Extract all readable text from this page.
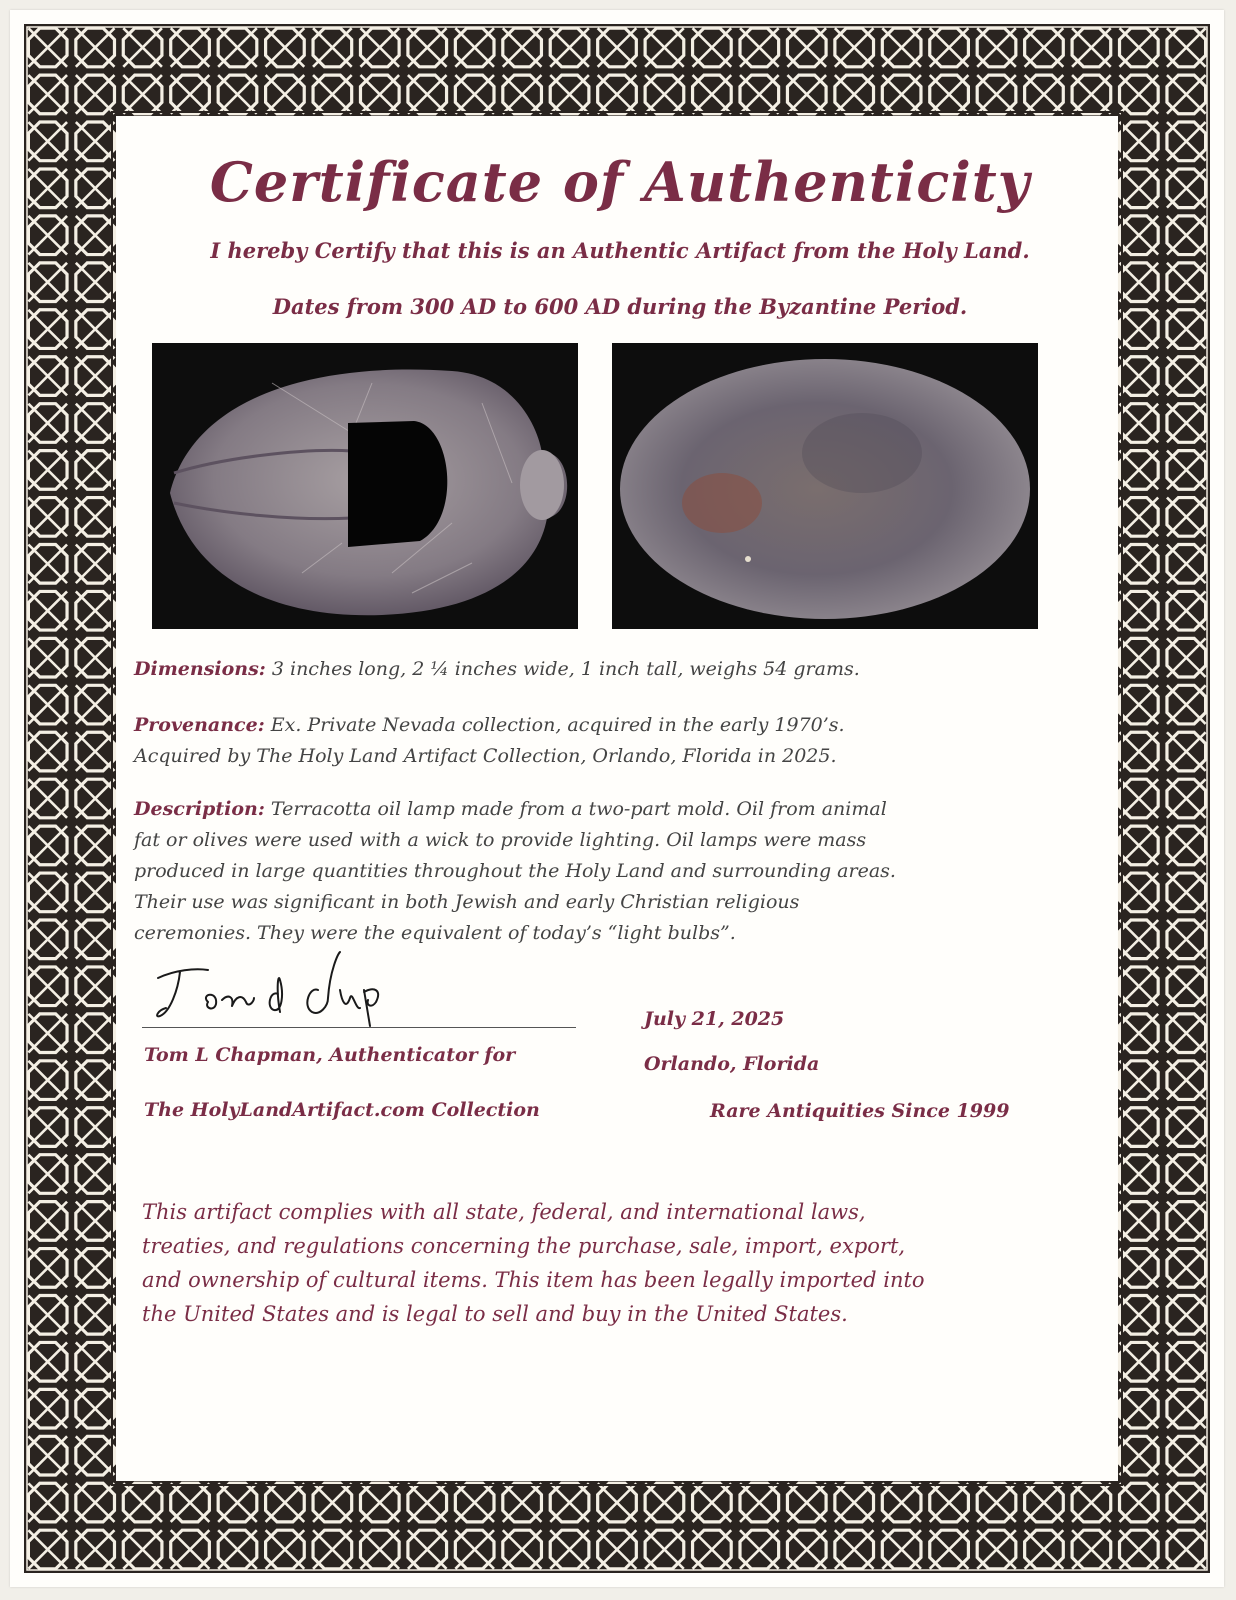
Certificate of Authenticity
I hereby Certify that this is an Authentic Artifact from the Holy Land.
Dates from 300 AD to 600 AD during the Byzantine Period.
Dimensions: 3 inches long, 2 ¼ inches wide, 1 inch tall, weighs 54 grams.
Provenance: Ex. Private Nevada collection, acquired in the early 1970’s.
Acquired by The Holy Land Artifact Collection, Orlando, Florida in 2025.
Description: Terracotta oil lamp made from a two-part mold. Oil from animal
fat or olives were used with a wick to provide lighting. Oil lamps were mass
produced in large quantities throughout the Holy Land and surrounding areas.
Their use was significant in both Jewish and early Christian religious
ceremonies. They were the equivalent of today’s “light bulbs”.
Tom L Chapman, Authenticator for
The HolyLandArtifact.com Collection
July 21, 2025
Orlando, Florida
Rare Antiquities Since 1999
This artifact complies with all state, federal, and international laws,
treaties, and regulations concerning the purchase, sale, import, export,
and ownership of cultural items. This item has been legally imported into
the United States and is legal to sell and buy in the United States.
